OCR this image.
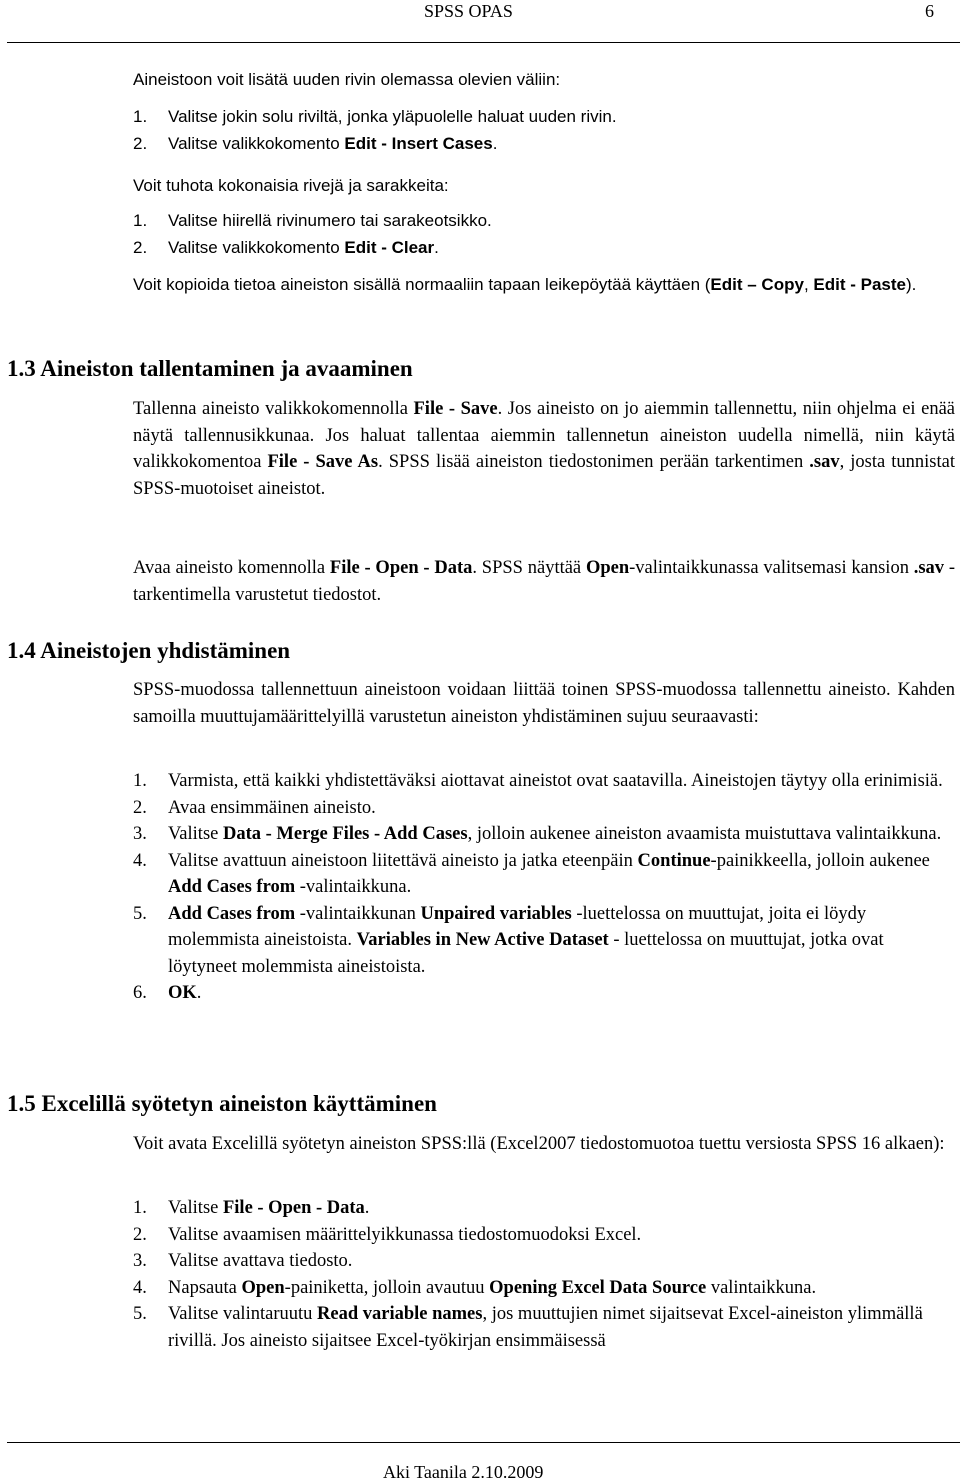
SPSS OPAS	6

Aineistoon voit lisätä uuden rivin olemassa olevien väliin:

1. Valitse jokin solu riviltä, jonka yläpuolelle haluat uuden rivin.
2. Valitse valikkokomento Edit - Insert Cases.

Voit tuhota kokonaisia rivejä ja sarakkeita:

1. Valitse hiirellä rivinumero tai sarakeotsikko.
2. Valitse valikkokomento Edit - Clear.

Voit kopioida tietoa aineiston sisällä normaaliin tapaan leikepöytää käyttäen (Edit – Copy, Edit - Paste).

1.3 Aineiston tallentaminen ja avaaminen

Tallenna aineisto valikkokomennolla File - Save. Jos aineisto on jo aiemmin tallennettu, niin ohjelma ei enää näytä tallennusikkunaa. Jos haluat tallentaa aiemmin tallennetun aineiston uudella nimellä, niin käytä valikkokomentoa File - Save As. SPSS lisää aineiston tiedostonimen perään tarkentimen .sav, josta tunnistat SPSS-muotoiset aineistot.

Avaa aineisto komennolla File - Open - Data. SPSS näyttää Open-valintaikkunassa valitsemasi kansion .sav -tarkentimella varustetut tiedostot.

1.4 Aineistojen yhdistäminen

SPSS-muodossa tallennettuun aineistoon voidaan liittää toinen SPSS-muodossa tallennettu aineisto. Kahden samoilla muuttujamäärittelyillä varustetun aineiston yhdistäminen sujuu seuraavasti:

1. Varmista, että kaikki yhdistettäväksi aiottavat aineistot ovat saatavilla. Aineistojen täytyy olla erinimisiä.
2. Avaa ensimmäinen aineisto.
3. Valitse Data - Merge Files - Add Cases, jolloin aukenee aineiston avaamista muistuttava valintaikkuna.
4. Valitse avattuun aineistoon liitettävä aineisto ja jatka eteenpäin Continue-painikkeella, jolloin aukenee Add Cases from -valintaikkuna.
5. Add Cases from -valintaikkunan Unpaired variables -luettelossa on muuttujat, joita ei löydy molemmista aineistoista. Variables in New Active Dataset - luettelossa on muuttujat, jotka ovat löytyneet molemmista aineistoista.
6. OK.
1.5 Excelillä syötetyn aineiston käyttäminen

Voit avata Excelillä syötetyn aineiston SPSS:llä (Excel2007 tiedostomuotoa tuettu versiosta SPSS 16 alkaen):

1. Valitse File - Open - Data.
2. Valitse avaamisen määrittelyikkunassa tiedostomuodoksi Excel.
3. Valitse avattava tiedosto.
4. Napsauta Open-painiketta, jolloin avautuu Opening Excel Data Source valintaikkuna.
5. Valitse valintaruutu Read variable names, jos muuttujien nimet sijaitsevat Excel-aineiston ylimmällä rivillä. Jos aineisto sijaitsee Excel-työkirjan ensimmäisessä
Aki Taanila 2.10.2009
